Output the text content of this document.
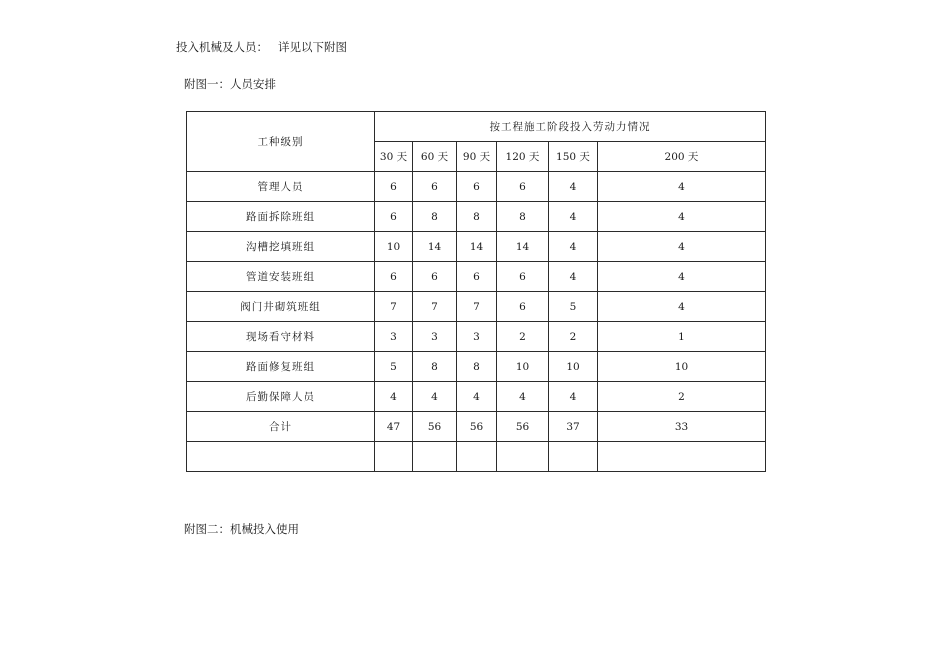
投入机械及人员： 详见以下附图
附图一：人员安排
工种级别	按工程施工阶段投入劳动力情况					
	30 天	60 天	90 天	120 天	150 天	200 天
管理人员	6	6	6	6	4	4
路面拆除班组	6	8	8	8	4	4
沟槽挖填班组	10	14	14	14	4	4
管道安装班组	6	6	6	6	4	4
阀门井砌筑班组	7	7	7	6	5	4
现场看守材料	3	3	3	2	2	1
路面修复班组	5	8	8	10	10	10
后勤保障人员	4	4	4	4	4	2
合计	47	56	56	56	37	33

附图二：机械投入使用
